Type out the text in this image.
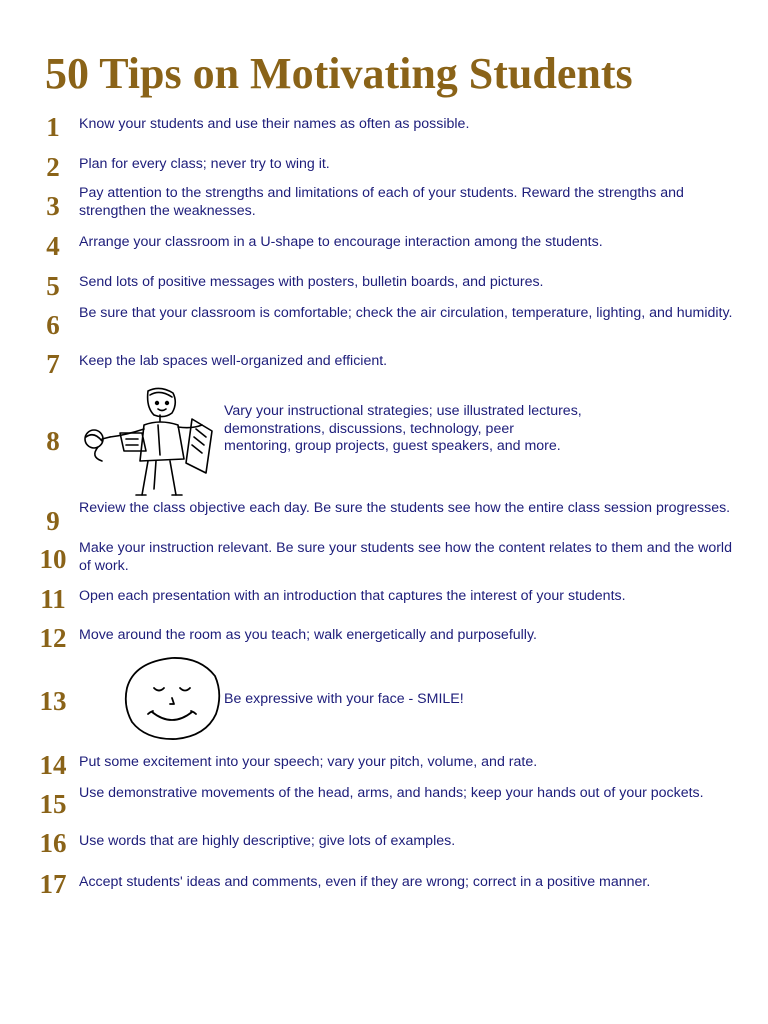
50 Tips on Motivating Students
1	Know your students and use their names as often as possible.
2	Plan for every class; never try to wing it.
3	Pay attention to the strengths and limitations of each of your students. Reward the strengths and strengthen the weaknesses.
4	Arrange your classroom in a U-shape to encourage interaction among the students.
5	Send lots of positive messages with posters, bulletin boards, and pictures.
6	Be sure that your classroom is comfortable; check the air circulation, temperature, lighting, and humidity.
7	Keep the lab spaces well-organized and efficient.
8
Vary your instructional strategies; use illustrated lectures, demonstrations, discussions, technology, peer mentoring, group projects, guest speakers, and more.
9	Review the class objective each day. Be sure the students see how the entire class session progresses.
10 Make your instruction relevant. Be sure your students see how the content relates to them and the world of work.
11 Open each presentation with an introduction that captures the interest of your students.
12 Move around the room as you teach; walk energetically and purposefully.
13	Be expressive with your face - SMILE!
14 Put some excitement into your speech; vary your pitch, volume, and rate.
15 Use demonstrative movements of the head, arms, and hands; keep your hands out of your pockets.
16 Use words that are highly descriptive; give lots of examples.
17 Accept students' ideas and comments, even if they are wrong; correct in a positive manner.
